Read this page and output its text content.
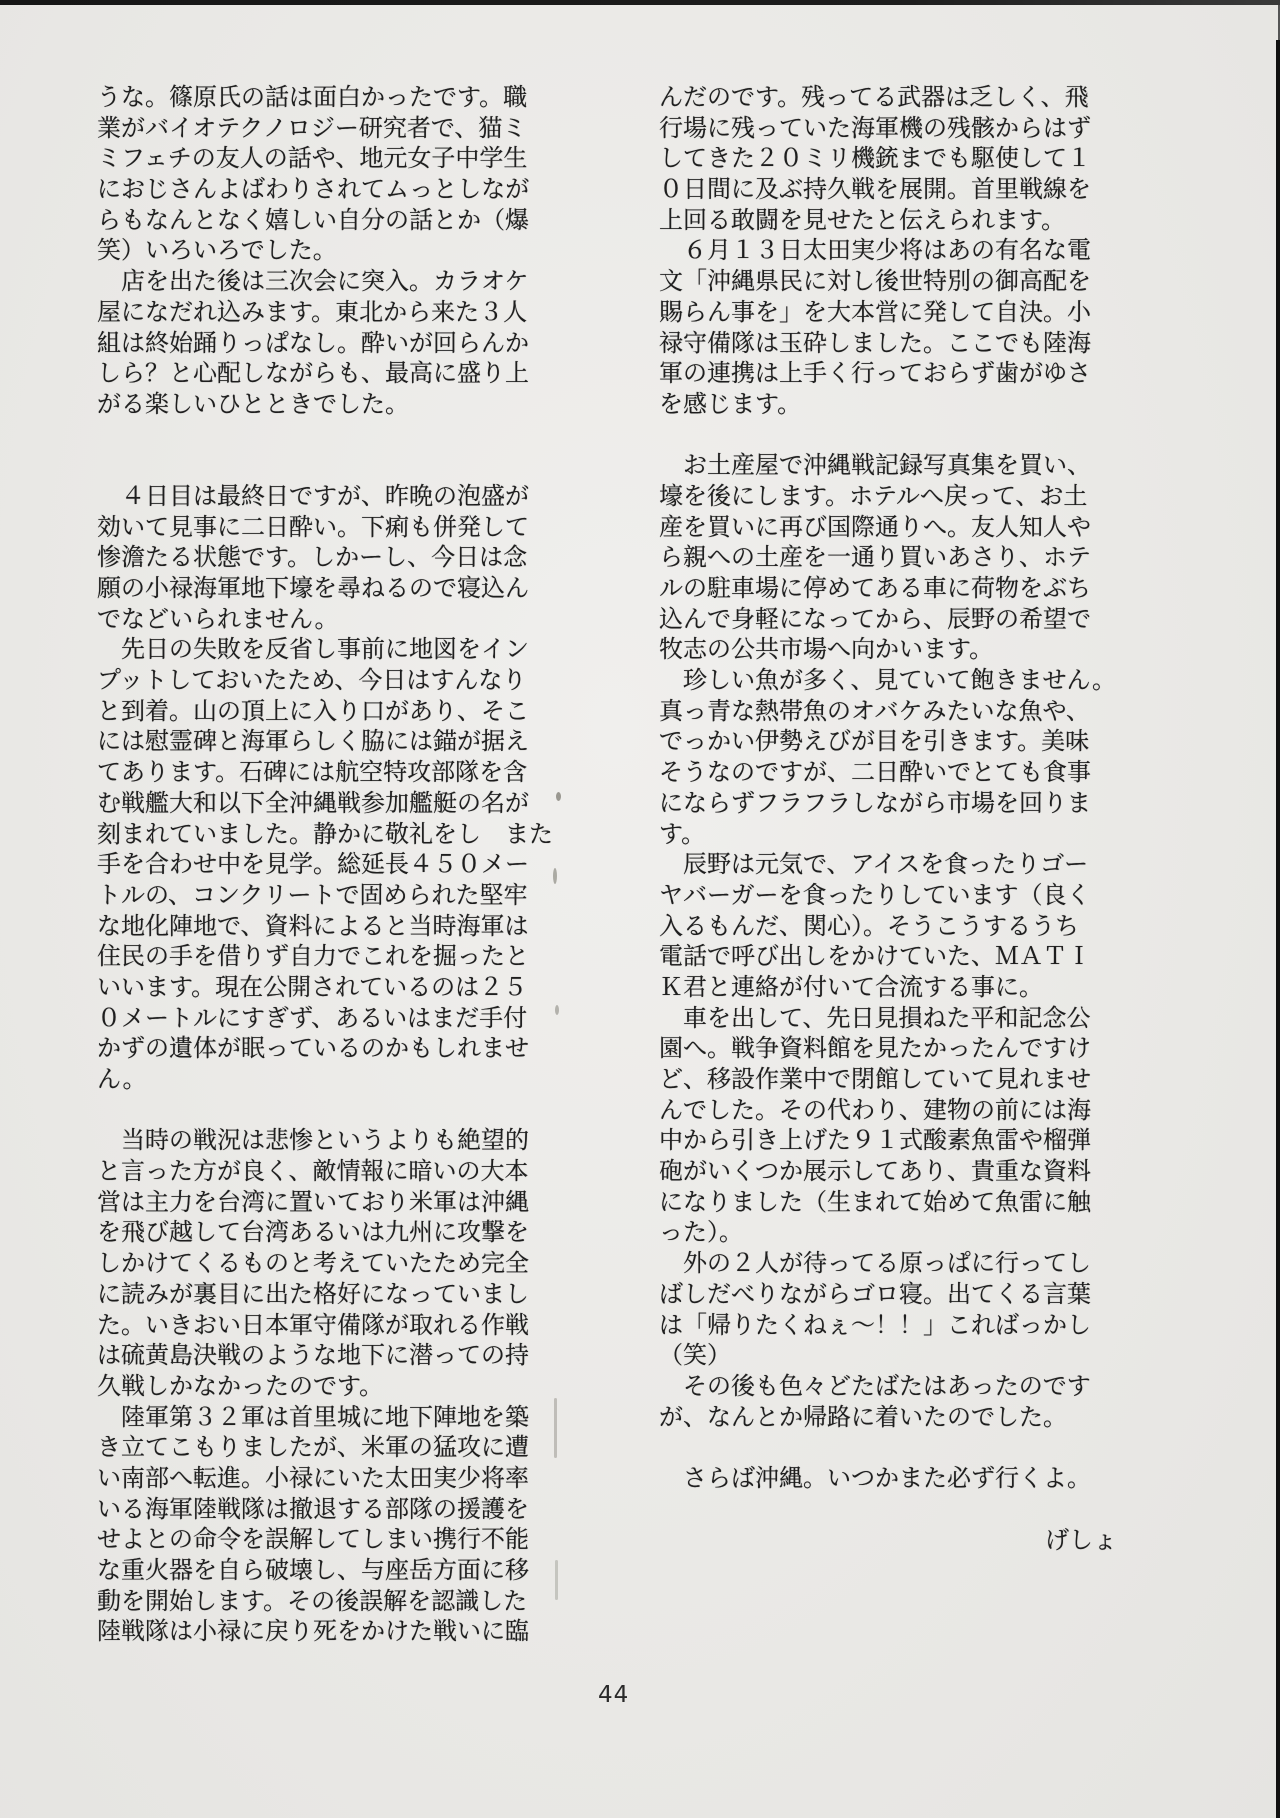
うな。篠原氏の話は面白かったです。職
業がバイオテクノロジー研究者で、猫ミ
ミフェチの友人の話や、地元女子中学生
におじさんよばわりされてムっとしなが
らもなんとなく嬉しい自分の話とか（爆
笑）いろいろでした。
　店を出た後は三次会に突入。カラオケ
屋になだれ込みます。東北から来た３人
組は終始踊りっぱなし。酔いが回らんか
しら？と心配しながらも、最高に盛り上
がる楽しいひとときでした。
　４日目は最終日ですが、昨晩の泡盛が
効いて見事に二日酔い。下痢も併発して
惨澹たる状態です。しかーし、今日は念
願の小禄海軍地下壕を尋ねるので寝込ん
でなどいられません。
　先日の失敗を反省し事前に地図をイン
プットしておいたため、今日はすんなり
と到着。山の頂上に入り口があり、そこ
には慰霊碑と海軍らしく脇には錨が据え
てあります。石碑には航空特攻部隊を含
む戦艦大和以下全沖縄戦参加艦艇の名が
刻まれていました。静かに敬礼をし　また
手を合わせ中を見学。総延長４５０メー
トルの、コンクリートで固められた堅牢
な地化陣地で、資料によると当時海軍は
住民の手を借りず自力でこれを掘ったと
いいます。現在公開されているのは２５
０メートルにすぎず、あるいはまだ手付
かずの遺体が眠っているのかもしれませ
ん。
　当時の戦況は悲惨というよりも絶望的
と言った方が良く、敵情報に暗いの大本
営は主力を台湾に置いており米軍は沖縄
を飛び越して台湾あるいは九州に攻撃を
しかけてくるものと考えていたため完全
に読みが裏目に出た格好になっていまし
た。いきおい日本軍守備隊が取れる作戦
は硫黄島決戦のような地下に潜っての持
久戦しかなかったのです。
　陸軍第３２軍は首里城に地下陣地を築
き立てこもりましたが、米軍の猛攻に遭
い南部へ転進。小禄にいた太田実少将率
いる海軍陸戦隊は撤退する部隊の援護を
せよとの命令を誤解してしまい携行不能
な重火器を自ら破壊し、与座岳方面に移
動を開始します。その後誤解を認識した
陸戦隊は小禄に戻り死をかけた戦いに臨
んだのです。残ってる武器は乏しく、飛
行場に残っていた海軍機の残骸からはず
してきた２０ミリ機銃までも駆使して１
０日間に及ぶ持久戦を展開。首里戦線を
上回る敢闘を見せたと伝えられます。
　６月１３日太田実少将はあの有名な電
文「沖縄県民に対し後世特別の御高配を
賜らん事を」を大本営に発して自決。小
禄守備隊は玉砕しました。ここでも陸海
軍の連携は上手く行っておらず歯がゆさ
を感じます。
　お土産屋で沖縄戦記録写真集を買い、
壕を後にします。ホテルへ戻って、お土
産を買いに再び国際通りへ。友人知人や
ら親への土産を一通り買いあさり、ホテ
ルの駐車場に停めてある車に荷物をぶち
込んで身軽になってから、辰野の希望で
牧志の公共市場へ向かいます。
　珍しい魚が多く、見ていて飽きません。
真っ青な熱帯魚のオバケみたいな魚や、
でっかい伊勢えびが目を引きます。美味
そうなのですが、二日酔いでとても食事
にならずフラフラしながら市場を回りま
す。
　辰野は元気で、アイスを食ったりゴー
ヤバーガーを食ったりしています（良く
入るもんだ、関心）。そうこうするうち
電話で呼び出しをかけていた、ＭＡＴＩ
Ｋ君と連絡が付いて合流する事に。
　車を出して、先日見損ねた平和記念公
園へ。戦争資料館を見たかったんですけ
ど、移設作業中で閉館していて見れませ
んでした。その代わり、建物の前には海
中から引き上げた９１式酸素魚雷や榴弾
砲がいくつか展示してあり、貴重な資料
になりました（生まれて始めて魚雷に触
った）。
　外の２人が待ってる原っぱに行ってし
ばしだべりながらゴロ寝。出てくる言葉
は「帰りたくねぇ～！！」こればっかし
（笑）
　その後も色々どたばたはあったのです
が、なんとか帰路に着いたのでした。
　さらば沖縄。いつかまた必ず行くよ。
げしょ
44
